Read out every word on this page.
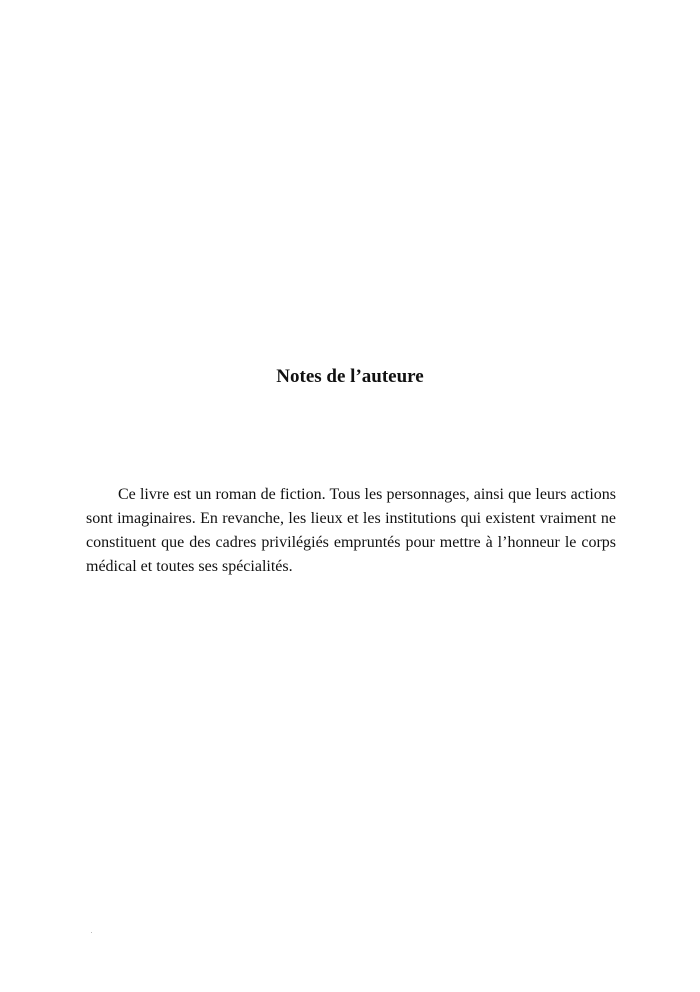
Notes de l’auteure

Ce livre est un roman de fiction. Tous les personnages, ainsi que leurs actions sont imaginaires. En revanche, les lieux et les institutions qui existent vraiment ne constituent que des cadres privilégiés empruntés pour mettre à l’honneur le corps médical et toutes ses spécialités.
